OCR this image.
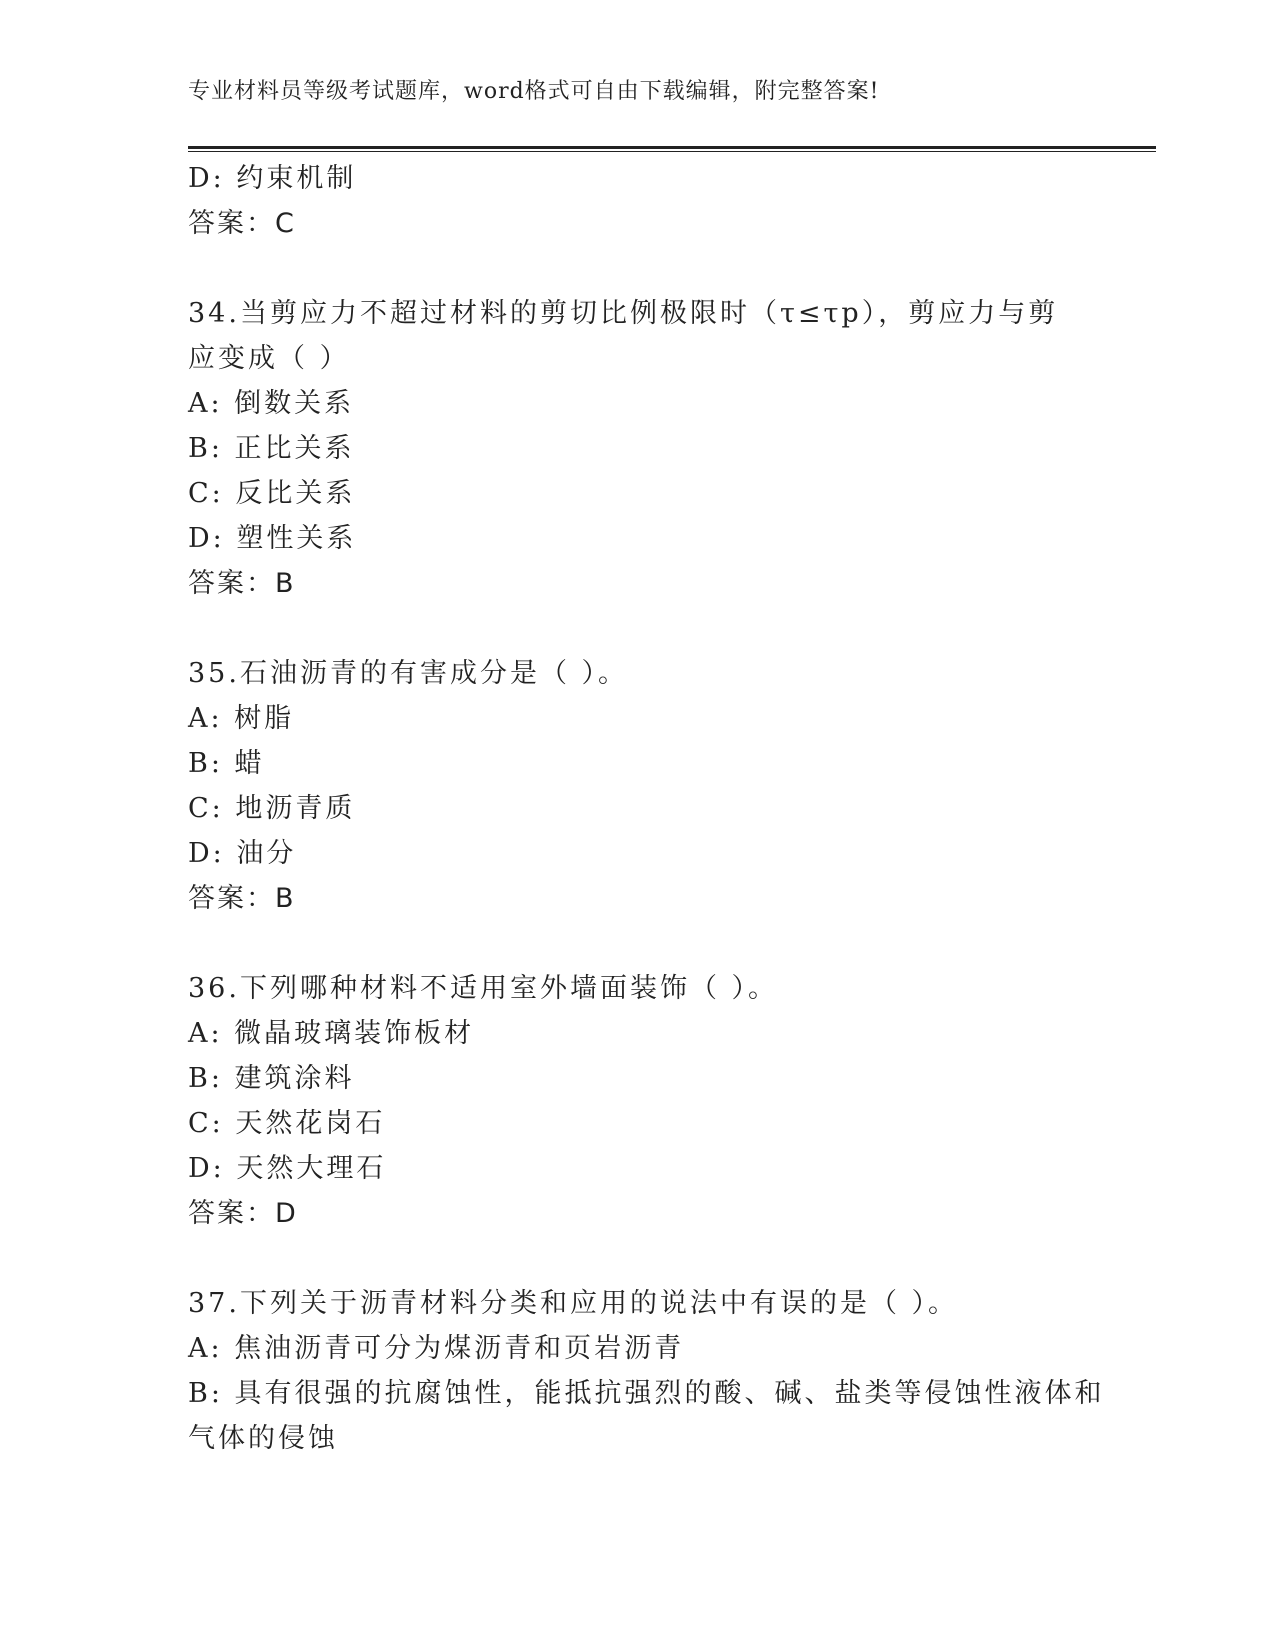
专业材料员等级考试题库，word格式可自由下载编辑，附完整答案!
D: 约束机制
答案：C
34.当剪应力不超过材料的剪切比例极限时（τ≤τp），剪应力与剪
应变成（ ）
A: 倒数关系
B: 正比关系
C: 反比关系
D: 塑性关系
答案：B
35.石油沥青的有害成分是（ ）。
A: 树脂
B: 蜡
C: 地沥青质
D: 油分
答案：B
36.下列哪种材料不适用室外墙面装饰（ ）。
A: 微晶玻璃装饰板材
B: 建筑涂料
C: 天然花岗石
D: 天然大理石
答案：D
37.下列关于沥青材料分类和应用的说法中有误的是（ ）。
A: 焦油沥青可分为煤沥青和页岩沥青
B: 具有很强的抗腐蚀性，能抵抗强烈的酸、碱、盐类等侵蚀性液体和
气体的侵蚀
